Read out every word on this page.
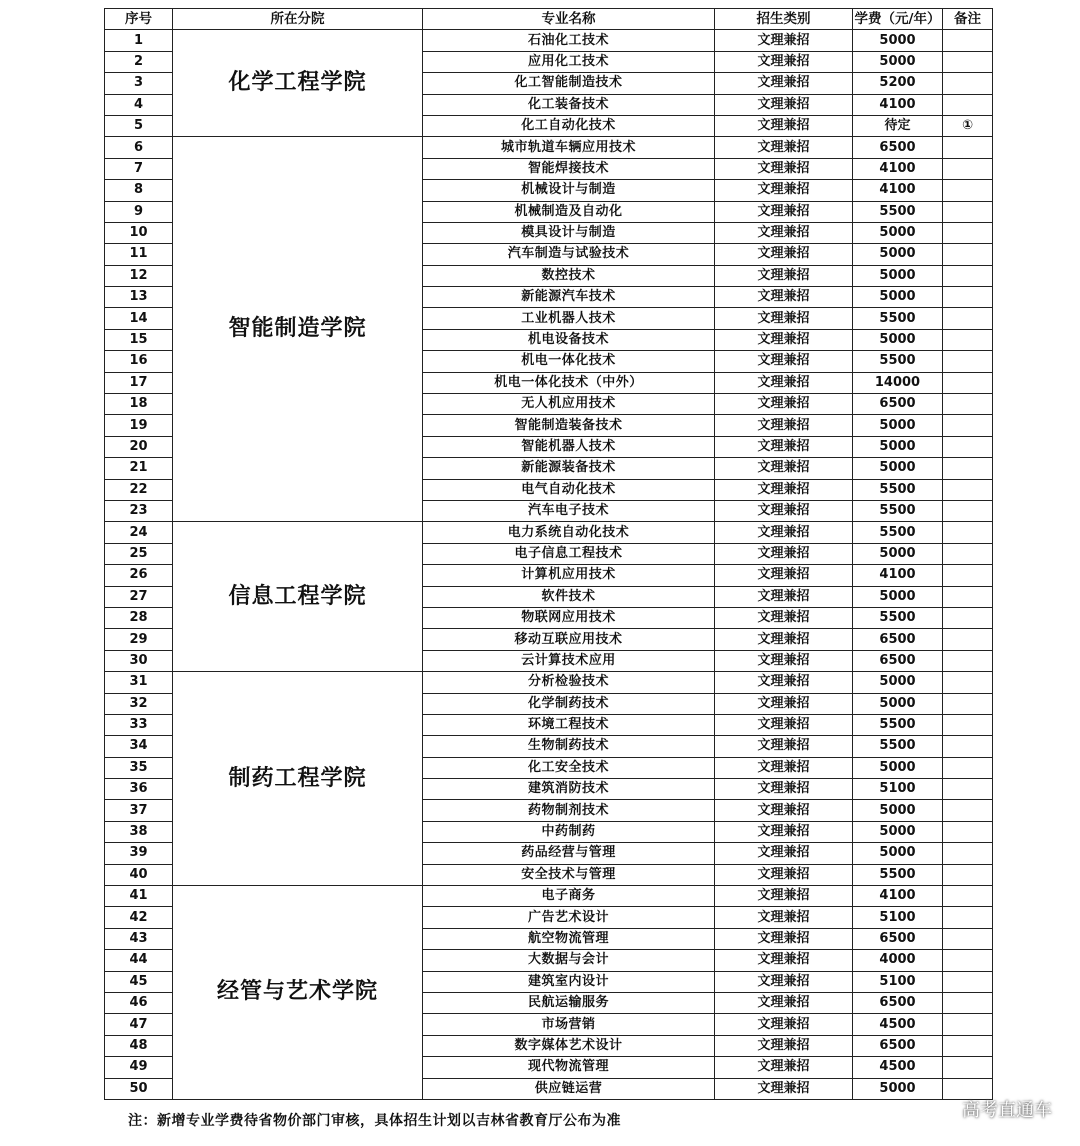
序号	所在分院	专业名称	招生类别	学费（元/年）	备注
1	化学工程学院	石油化工技术	文理兼招	5000	
2		应用化工技术	文理兼招	5000	
3		化工智能制造技术	文理兼招	5200	
4		化工装备技术	文理兼招	4100	
5		化工自动化技术	文理兼招	待定	①
6	智能制造学院	城市轨道车辆应用技术	文理兼招	6500	
7		智能焊接技术	文理兼招	4100	
8		机械设计与制造	文理兼招	4100	
9		机械制造及自动化	文理兼招	5500	
10		模具设计与制造	文理兼招	5000	
11		汽车制造与试验技术	文理兼招	5000	
12		数控技术	文理兼招	5000	
13		新能源汽车技术	文理兼招	5000	
14		工业机器人技术	文理兼招	5500	
15		机电设备技术	文理兼招	5000	
16		机电一体化技术	文理兼招	5500	
17		机电一体化技术（中外）	文理兼招	14000	
18		无人机应用技术	文理兼招	6500	
19		智能制造装备技术	文理兼招	5000	
20		智能机器人技术	文理兼招	5000	
21		新能源装备技术	文理兼招	5000	
22		电气自动化技术	文理兼招	5500	
23		汽车电子技术	文理兼招	5500	
24	信息工程学院	电力系统自动化技术	文理兼招	5500	
25		电子信息工程技术	文理兼招	5000	
26		计算机应用技术	文理兼招	4100	
27		软件技术	文理兼招	5000	
28		物联网应用技术	文理兼招	5500	
29		移动互联应用技术	文理兼招	6500	
30		云计算技术应用	文理兼招	6500	
31	制药工程学院	分析检验技术	文理兼招	5000	
32		化学制药技术	文理兼招	5000	
33		环境工程技术	文理兼招	5500	
34		生物制药技术	文理兼招	5500	
35		化工安全技术	文理兼招	5000	
36		建筑消防技术	文理兼招	5100	
37		药物制剂技术	文理兼招	5000	
38		中药制药	文理兼招	5000	
39		药品经营与管理	文理兼招	5000	
40		安全技术与管理	文理兼招	5500	
41	经管与艺术学院	电子商务	文理兼招	4100	
42		广告艺术设计	文理兼招	5100	
43		航空物流管理	文理兼招	6500	
44		大数据与会计	文理兼招	4000	
45		建筑室内设计	文理兼招	5100	
46		民航运输服务	文理兼招	6500	
47		市场营销	文理兼招	4500	
48		数字媒体艺术设计	文理兼招	6500	
49		现代物流管理	文理兼招	4500	
50		供应链运营	文理兼招	5000	
注：新增专业学费待省物价部门审核，具体招生计划以吉林省教育厅公布为准	高考直通车
